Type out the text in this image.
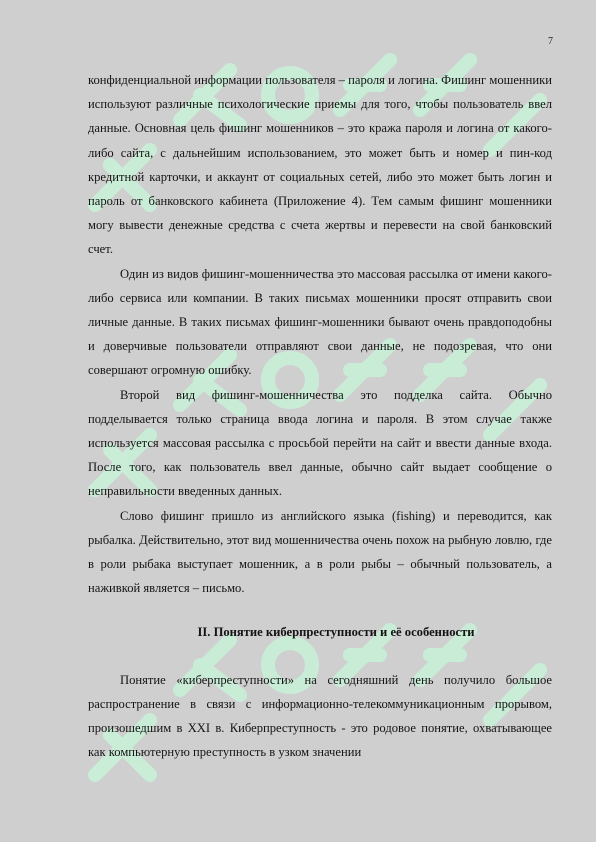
7

конфиденциальной информации пользователя – пароля и логина. Фишинг мошенники используют различные психологические приемы для того, чтобы пользователь ввел данные. Основная цель фишинг мошенников – это кража пароля и логина от какого-либо сайта, с дальнейшим использованием, это может быть и номер и пин-код кредитной карточки, и аккаунт от социальных сетей, либо это может быть логин и пароль от банковского кабинета (Приложение 4). Тем самым фишинг мошенники могу вывести денежные средства с счета жертвы и перевести на свой банковский счет.

Один из видов фишинг-мошенничества это массовая рассылка от имени какого-либо сервиса или компании. В таких письмах мошенники просят отправить свои личные данные. В таких письмах фишинг-мошенники бывают очень правдоподобны и доверчивые пользователи отправляют свои данные, не подозревая, что они совершают огромную ошибку.

Второй вид фишинг-мошенничества это подделка сайта. Обычно подделывается только страница ввода логина и пароля. В этом случае также используется массовая рассылка с просьбой перейти на сайт и ввести данные входа. После того, как пользователь ввел данные, обычно сайт выдает сообщение о неправильности введенных данных.

Слово фишинг пришло из английского языка (fishing) и переводится, как рыбалка. Действительно, этот вид мошенничества очень похож на рыбную ловлю, где в роли рыбака выступает мошенник, а в роли рыбы – обычный пользователь, а наживкой является – письмо.

II. Понятие киберпреступности и её особенности

Понятие «киберпреступности» на сегодняшний день получило большое распространение в связи с информационно-телекоммуникационным прорывом, произошедшим в XXI в. Киберпреступность - это родовое понятие, охватывающее как компьютерную преступность в узком значении
